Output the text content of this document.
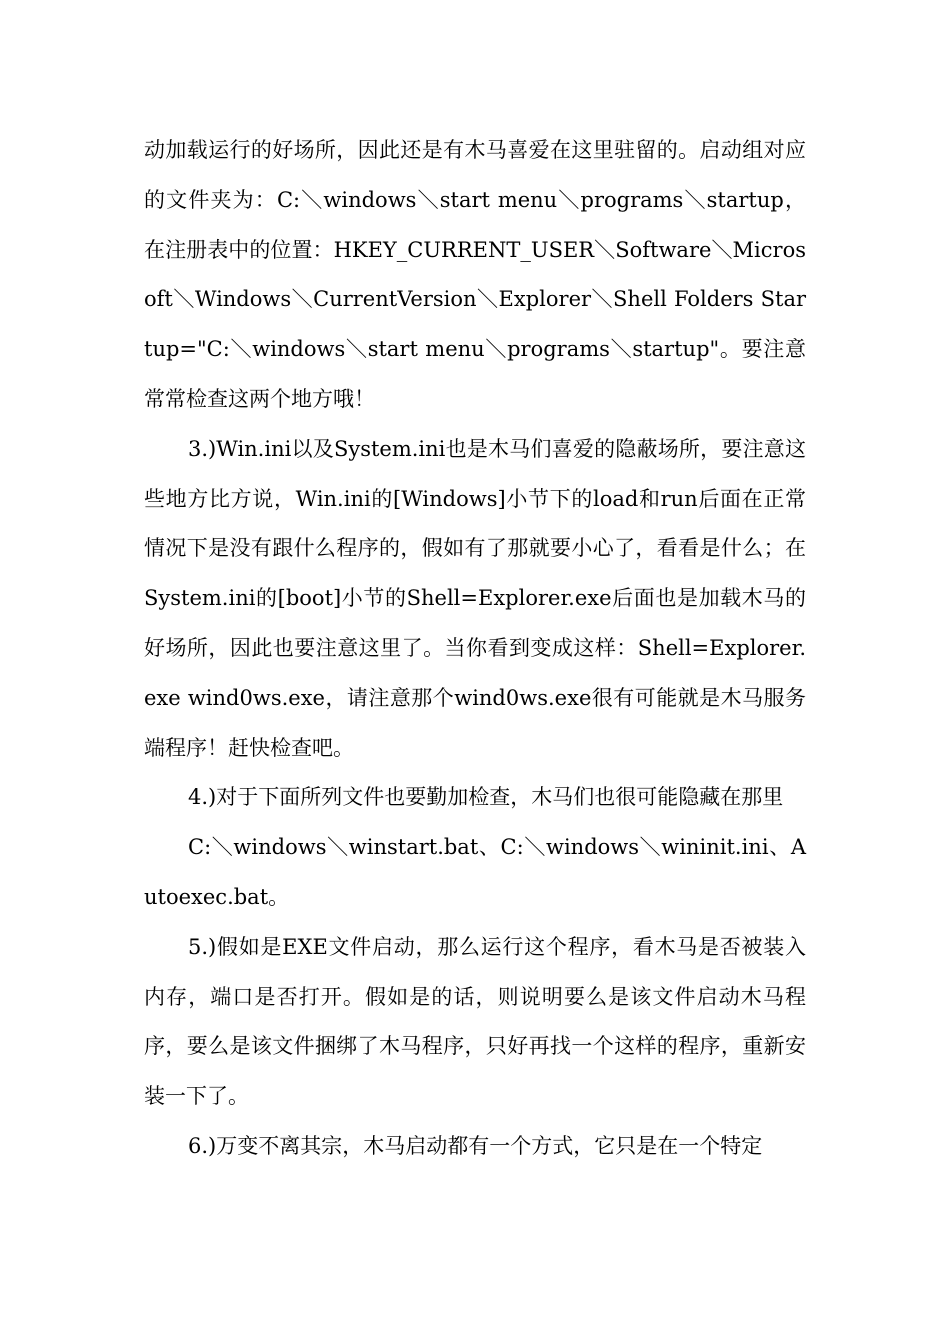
动加载运行的好场所，因此还是有木马喜爱在这里驻留的。启动组对应的文件夹为：C:＼windows＼start menu＼programs＼startup，在注册表中的位置：HKEY_CURRENT_USER＼Software＼Microsoft＼Windows＼CurrentVersion＼Explorer＼Shell Folders Startup="C:＼windows＼start menu＼programs＼startup"。要注意常常检查这两个地方哦！

3.)Win.ini以及System.ini也是木马们喜爱的隐蔽场所，要注意这些地方比方说，Win.ini的[Windows]小节下的load和run后面在正常情况下是没有跟什么程序的，假如有了那就要小心了，看看是什么；在System.ini的[boot]小节的Shell=Explorer.exe后面也是加载木马的好场所，因此也要注意这里了。当你看到变成这样：Shell=Explorer.exe wind0ws.exe，请注意那个wind0ws.exe很有可能就是木马服务端程序！赶快检查吧。

4.)对于下面所列文件也要勤加检查，木马们也很可能隐藏在那里

C:＼windows＼winstart.bat、C:＼windows＼wininit.ini、Autoexec.bat。

5.)假如是EXE文件启动，那么运行这个程序，看木马是否被装入内存，端口是否打开。假如是的话，则说明要么是该文件启动木马程序，要么是该文件捆绑了木马程序，只好再找一个这样的程序，重新安装一下了。

6.)万变不离其宗，木马启动都有一个方式，它只是在一个特定
